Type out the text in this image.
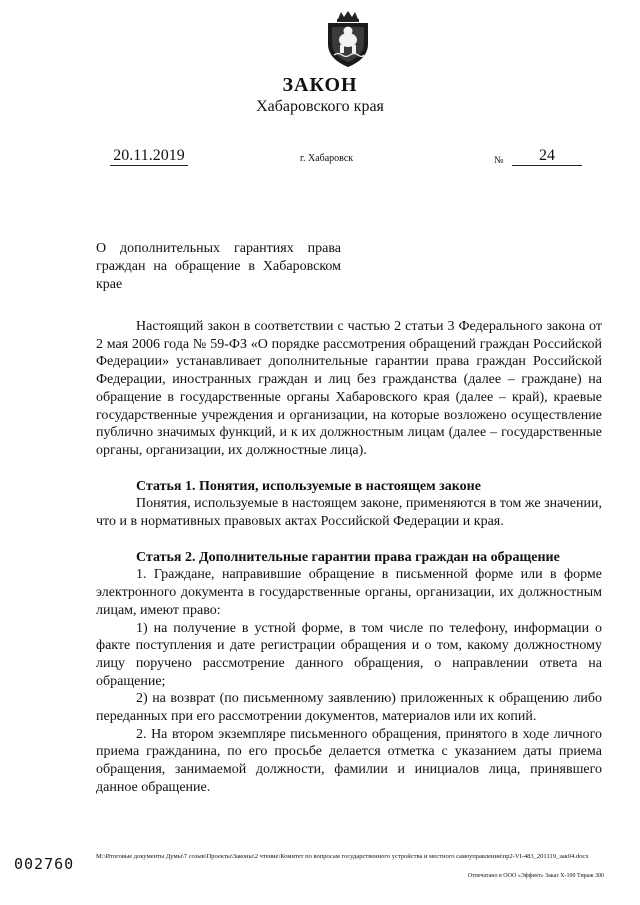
ЗАКОН
Хабаровского края
20.11.2019	г. Хабаровск	№	24
О дополнительных гарантиях права
граждан на обращение в Хабаровском
крае

Настоящий закон в соответствии с частью 2 статьи 3 Федерального закона от 2 мая 2006 года № 59-ФЗ «О порядке рассмотрения обращений граждан Российской Федерации» устанавливает дополнительные гарантии права граждан Российской Федерации, иностранных граждан и лиц без гражданства (далее – граждане) на обращение в государственные органы Хабаровского края (далее – край), краевые государственные учреждения и организации, на которые возложено осуществление публично значимых функций, и к их должностным лицам (далее – государственные органы, организации, их должностные лица).

Статья 1. Понятия, используемые в настоящем законе

Понятия, используемые в настоящем законе, применяются в том же значении, что и в нормативных правовых актах Российской Федерации и края.

Статья 2. Дополнительные гарантии права граждан на обращение

1. Граждане, направившие обращение в письменной форме или в форме электронного документа в государственные органы, организации, их должностным лицам, имеют право:

1) на получение в устной форме, в том числе по телефону, информации о факте поступления и дате регистрации обращения и о том, какому должностному лицу поручено рассмотрение данного обращения, о направлении ответа на обращение;

2) на возврат (по письменному заявлению) приложенных к обращению либо переданных при его рассмотрении документов, материалов или их копий.

2. На втором экземпляре письменного обращения, принятого в ходе личного приема гражданина, по его просьбе делается отметка с указанием даты приема обращения, занимаемой должности, фамилии и инициалов лица, принявшего данное обращение.

002760	М:\Итоговые документы Думы\7 созыв\Проекты\Законы\2 чтение\Комитет по вопросам государственного устройства и местного самоуправления\пр2-VI-483_201119_зак04.docx
Отпечатано в ООО «Эффект» Заказ Х-100 Тираж 300
